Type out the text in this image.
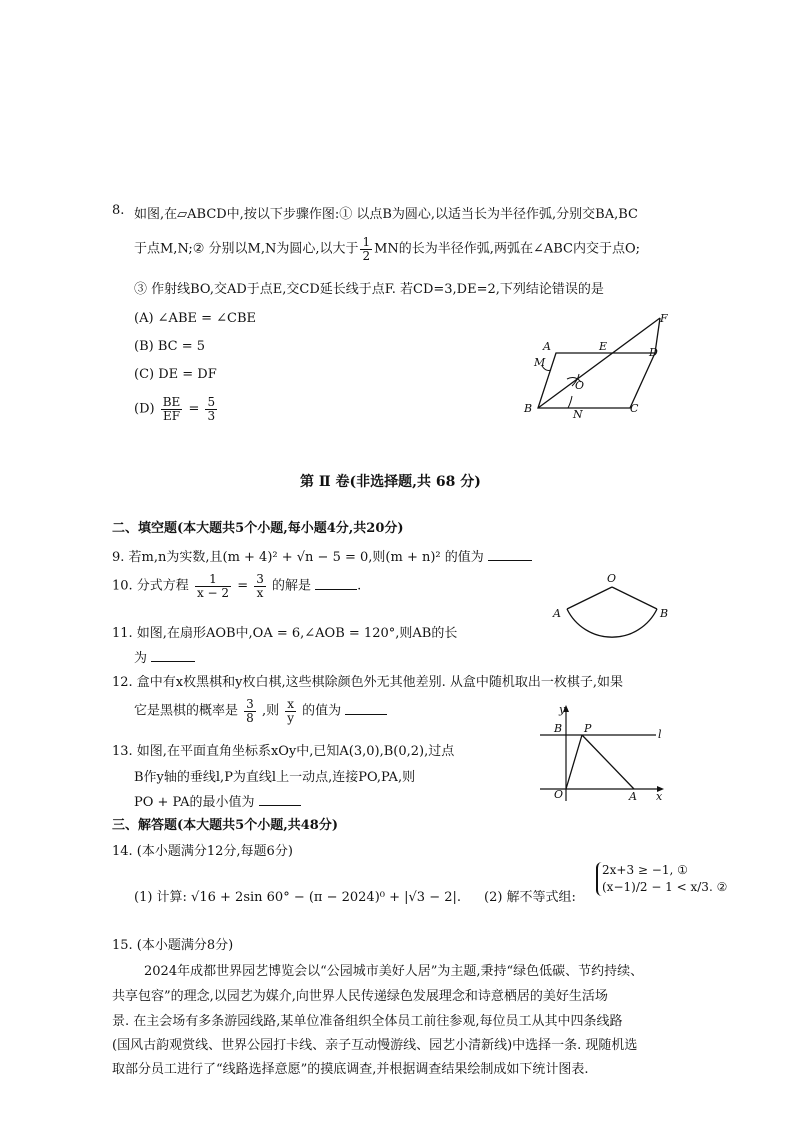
8. 如图,在▱ABCD中,按以下步骤作图:① 以点B为圆心,以适当长为半径作弧,分别交BA,BC
于点M,N;② 分别以M,N为圆心,以大于 $\frac{1}{2}$ MN的长为半径作弧,两弧在∠ABC内交于点O;
③ 作射线BO,交AD于点E,交CD延长线于点F. 若CD=3,DE=2,下列结论错误的是
(A) ∠ABE = ∠CBE
(B) BC = 5
(C) DE = DF
$(D) \frac{BE}{EF} = \frac{5}{3}$
F
A	E	D
M
O
B	N	C
第 Ⅱ 卷(非选择题,共 68 分)
二、填空题(本大题共5个小题,每小题4分,共20分)
9. 若m,n为实数,且(m + 4)² + √n − 5 = 0,则(m + n)² 的值为
10. 分式方程 $\frac{1}{x - 2} = \frac{3}{x}$ 的解是	.
O
A	B
11. 如图,在扇形AOB中,OA = 6,∠AOB = 120°,则AB的长
为
12. 盒中有x枚黑棋和y枚白棋,这些棋除颜色外无其他差别. 从盒中随机取出一枚棋子,如果
它是黑棋的概率是 $\frac{3}{8}$ ,则 $\frac{x}{y}$ 的值为	y
B P	l
O	A x
13. 如图,在平面直角坐标系xOy中,已知A(3,0),B(0,2),过点
B作y轴的垂线l,P为直线l上一动点,连接PO,PA,则
PO + PA的最小值为
三、解答题(本大题共5个小题,共48分)
14. (本小题满分12分,每题6分)
(1) 计算: √16 + 2sin 60° − (π − 2024)⁰ + |√3 − 2|. (2) 解不等式组:
2x+3 ≥ −1, ①
(x−1)/2 − 1 < x/3. ②
15. (本小题满分8分)
2024年成都世界园艺博览会以“公园城市美好人居”为主题,秉持“绿色低碳、节约持续、
共享包容”的理念,以园艺为媒介,向世界人民传递绿色发展理念和诗意栖居的美好生活场
景. 在主会场有多条游园线路,某单位准备组织全体员工前往参观,每位员工从其中四条线路
(国风古韵观赏线、世界公园打卡线、亲子互动慢游线、园艺小清新线)中选择一条. 现随机选
取部分员工进行了“线路选择意愿”的摸底调查,并根据调查结果绘制成如下统计图表.
